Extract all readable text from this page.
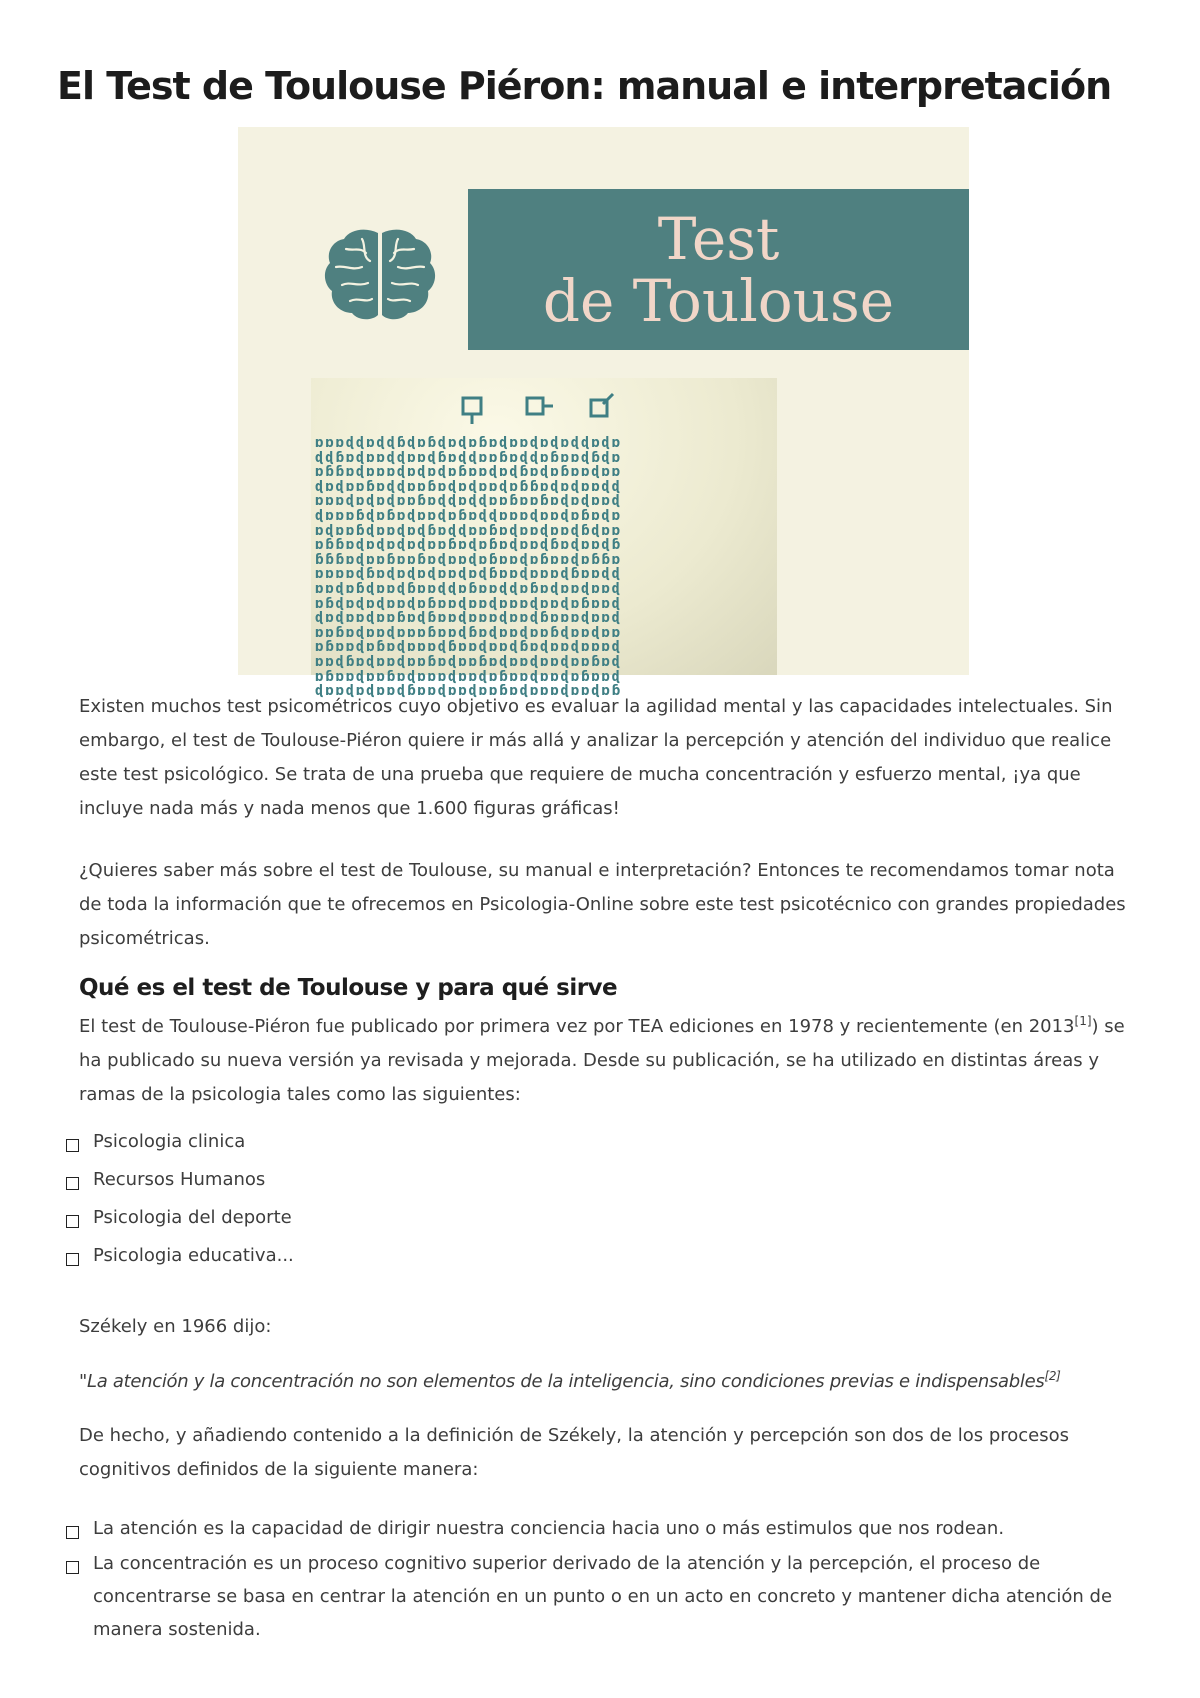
El Test de Toulouse Piéron: manual e interpretación
Test
de Toulouse
ɒɒɒɖɖɒɖɖɓɖɒɓɖɒɖɒɓɒɖɒɒɖɒɖɒɖɖɒɖɒ
ɖɖɓɒɖɒɒɖɖɒɒɖɓɒɖɖɒɒɓɒɖɖɒɓɒɒɖɓɖɒ
ɒɓɓɒɖɒɒɒɖɒɖɒɖɒɓɒɒɖɒɖɓɒɖɒɓɒɒɖɒɒ
ɖɒɖɒɒɓɒɖɖɒɒɓɒɖɒɖɒɒɖɒɓɓɒɖɒɖɒɒɖɖ
ɒɒɒɖɒɖɒɖɒɒɓɒɖɖɒɖɖɒɒɓɒɒɓɒɖɒɖɒɒɖ
ɖɒɒɒɓɖɒɓɒɖɒɒɖɒɓɒɖɖɒɒɒɖɒɒɖɒɓɒɖɒ
ɒɖɒɒɓɖɒɒɖɒɖɓɒɖɖɒɒɓɒɖɒɒɖɒɒɖɓɖɒɒ
ɒɓɓɒɖɒɖɒɖɒɖɒɒɓɒɖɒɓɒɖɒɒɖɓɒɖɒɒɖɓ
ɓɓɓɒɖɒɒɓɒɒɓɒɖɒɒɖɒɓɒɒɖɒɓɒɒɖɒɓɓɒ
ɒɒɒɒɖɓɒɖɒɖɒɖɒɒɖɒɖɓɒɒɖɒɒɒɖɓɒɒɖɖ
ɒɒɖɒɓɖɒɒɖɓɒɒɖɖɒɓɒɒɖɖɒɓɒɖɒɒɖɒɒɖ
ɒɓɖɒɖɒɖɒɒɖɒɓɒɒɖɒɒɖɒɒɒɖɒɒɖɒɓɒɒɖ
ɖɒɖɒɒɖɒɒɓɒɖɓɒɒɖɒɒɒɖɒɒɖɓɒɒɒɖɒɒɖ
ɒɒɓɒɖɒɒɖɒɒɒɓɒɒɖɓɒɖɒɒɖɒɒɓɖɒɒɖɒɒ
ɒɓɒɒɖɒɓɒɖɒɒɒɖɓɒɒɖɒɒɖɓɒɖɒɒɖɒɒɒɖ
ɒɒɖɓɒɖɒɒɖɒɒɓɒɖɒɒɓɒɖɒɒɖɒɒɖɒɒɓɒɖ
ɒɓɒɒɖɒɒɓɒɖɒɒɒɖɒɒɖɒɓɒɒɖɒɒɖɒɓɒɒɖ
ɖɒɒɖɒɖɒɒɖɓɒɒɖɒɒɖɒɒɓɒɖɒɒɒɖɒɒɖɒɓ

Existen muchos test psicométricos cuyo objetivo es evaluar la agilidad mental y las capacidades intelectuales. Sin embargo, el test de Toulouse-Piéron quiere ir más allá y analizar la percepción y atención del individuo que realice este test psicológico. Se trata de una prueba que requiere de mucha concentración y esfuerzo mental, ¡ya que incluye nada más y nada menos que 1.600 figuras gráficas!

¿Quieres saber más sobre el test de Toulouse, su manual e interpretación? Entonces te recomendamos tomar nota de toda la información que te ofrecemos en Psicologia-Online sobre este test psicotécnico con grandes propiedades psicométricas.

Qué es el test de Toulouse y para qué sirve

El test de Toulouse-Piéron fue publicado por primera vez por TEA ediciones en 1978 y recientemente (en 2013[1]) se ha publicado su nueva versión ya revisada y mejorada. Desde su publicación, se ha utilizado en distintas áreas y ramas de la psicologia tales como las siguientes:

Psicologia clinica
Recursos Humanos
Psicologia del deporte
Psicologia educativa...

Székely en 1966 dijo:

"La atención y la concentración no son elementos de la inteligencia, sino condiciones previas e indispensables[2]

De hecho, y añadiendo contenido a la definición de Székely, la atención y percepción son dos de los procesos cognitivos definidos de la siguiente manera:

La atención es la capacidad de dirigir nuestra conciencia hacia uno o más estimulos que nos rodean.
La concentración es un proceso cognitivo superior derivado de la atención y la percepción, el proceso de concentrarse se basa en centrar la atención en un punto o en un acto en concreto y mantener dicha atención de manera sostenida.
